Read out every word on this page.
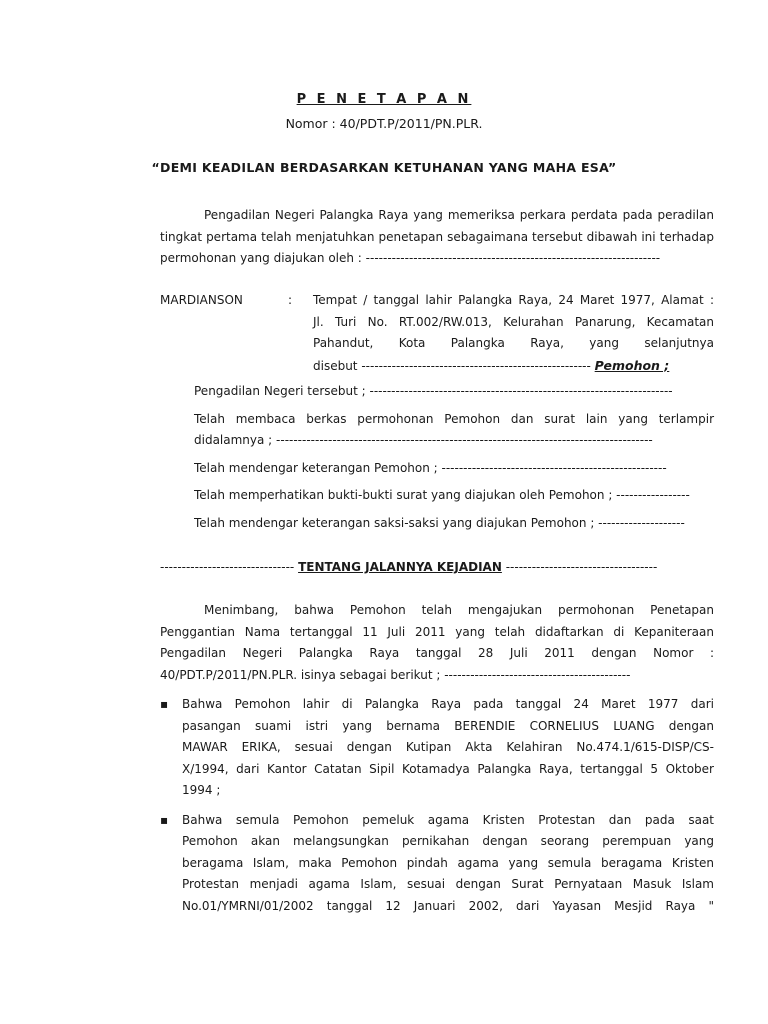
P E N E T A P A N
Nomor : 40/PDT.P/2011/PN.PLR.
“DEMI KEADILAN BERDASARKAN KETUHANAN YANG MAHA ESA”
Pengadilan Negeri Palangka Raya yang memeriksa perkara perdata pada peradilan
tingkat pertama telah menjatuhkan penetapan sebagaimana tersebut dibawah ini terhadap
permohonan yang diajukan oleh : --------------------------------------------------------------------
MARDIANSON	: Tempat / tanggal lahir Palangka Raya, 24 Maret 1977, Alamat :
Jl. Turi No. RT.002/RW.013, Kelurahan Panarung, Kecamatan
Pahandut, Kota Palangka Raya, yang selanjutnya
disebut ----------------------------------------------------- Pemohon ;
Pengadilan Negeri tersebut ; ----------------------------------------------------------------------
Telah membaca berkas permohonan Pemohon dan surat lain yang terlampir
didalamnya ; ---------------------------------------------------------------------------------------
Telah mendengar keterangan Pemohon ; ----------------------------------------------------
Telah memperhatikan bukti-bukti surat yang diajukan oleh Pemohon ; -----------------
Telah mendengar keterangan saksi-saksi yang diajukan Pemohon ; --------------------
------------------------------- TENTANG JALANNYA KEJADIAN -----------------------------------
Menimbang, bahwa Pemohon telah mengajukan permohonan Penetapan
Penggantian Nama tertanggal 11 Juli 2011 yang telah didaftarkan di Kepaniteraan
Pengadilan Negeri Palangka Raya tanggal 28 Juli 2011 dengan Nomor :
40/PDT.P/2011/PN.PLR. isinya sebagai berikut ; -------------------------------------------
▪ Bahwa Pemohon lahir di Palangka Raya pada tanggal 24 Maret 1977 dari
pasangan suami istri yang bernama BERENDIE CORNELIUS LUANG dengan
MAWAR ERIKA, sesuai dengan Kutipan Akta Kelahiran No.474.1/615-DISP/CS-
X/1994, dari Kantor Catatan Sipil Kotamadya Palangka Raya, tertanggal 5 Oktober
1994 ;
▪ Bahwa semula Pemohon pemeluk agama Kristen Protestan dan pada saat
Pemohon akan melangsungkan pernikahan dengan seorang perempuan yang
beragama Islam, maka Pemohon pindah agama yang semula beragama Kristen
Protestan menjadi agama Islam, sesuai dengan Surat Pernyataan Masuk Islam
No.01/YMRNI/01/2002 tanggal 12 Januari 2002, dari Yayasan Mesjid Raya "
